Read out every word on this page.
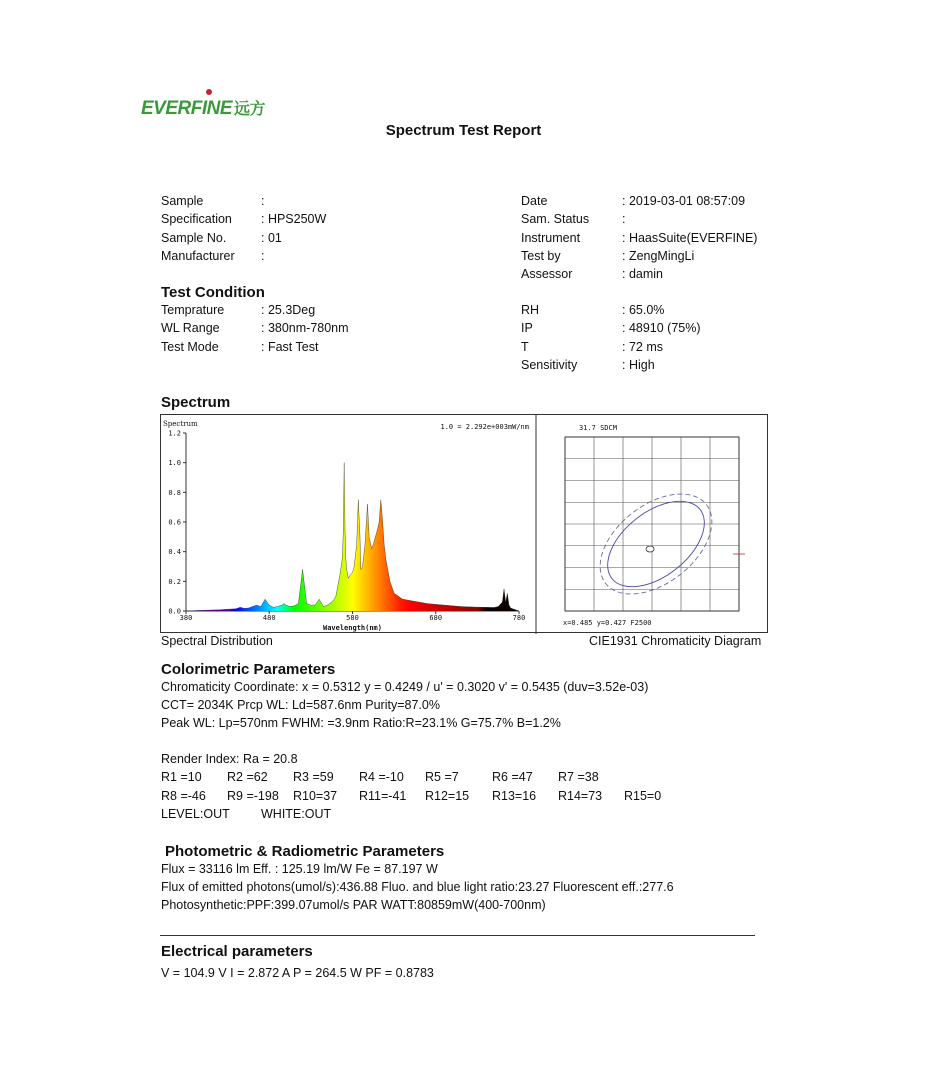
EVERFINE 远方
Spectrum Test Report
Sample	:
Specification : HPS250W
Sample No.	: 01
Manufacturer :
Date	: 2019-03-01 08:57:09
Sam. Status	:
Instrument	: HaasSuite(EVERFINE)
Test by	: ZengMingLi
Assessor	: damin
Test Condition
Temprature	: 25.3Deg
WL Range	: 380nm-780nm
Test Mode	: Fast Test
RH	: 65.0%
IP	: 48910 (75%)
T	: 72 ms
Sensitivity	: High
Spectrum
0.0
0.2
0.4
0.6
0.8
1.0
1.2
380	480	580	680	780
Spectrum
Wavelength(nm)
1.0 = 2.292e+003mW/nm	31.7 SDCM
x=0.485 y=0.427 F2500
Spectral Distribution	CIE1931 Chromaticity Diagram
Colorimetric Parameters
Chromaticity Coordinate: x = 0.5312 y = 0.4249 / u' = 0.3020 v' = 0.5435 (duv=3.52e-03)
CCT= 2034K Prcp WL: Ld=587.6nm Purity=87.0%
Peak WL: Lp=570nm FWHM: =3.9nm Ratio:R=23.1% G=75.7% B=1.2%
Render Index: Ra = 20.8
R1 =10 R2 =62 R3 =59 R4 =-10 R5 =7	R6 =47 R7 =38
R8 =-46 R9 =-198 R10=37 R11=-41 R12=15 R13=16 R14=73 R15=0
LEVEL:OUT WHITE:OUT
Photometric & Radiometric Parameters
Flux = 33116 lm Eff. : 125.19 lm/W Fe = 87.197 W
Flux of emitted photons(umol/s):436.88 Fluo. and blue light ratio:23.27 Fluorescent eff.:277.6
Photosynthetic:PPF:399.07umol/s PAR WATT:80859mW(400-700nm)
Electrical parameters
V = 104.9 V I = 2.872 A P = 264.5 W PF = 0.8783
